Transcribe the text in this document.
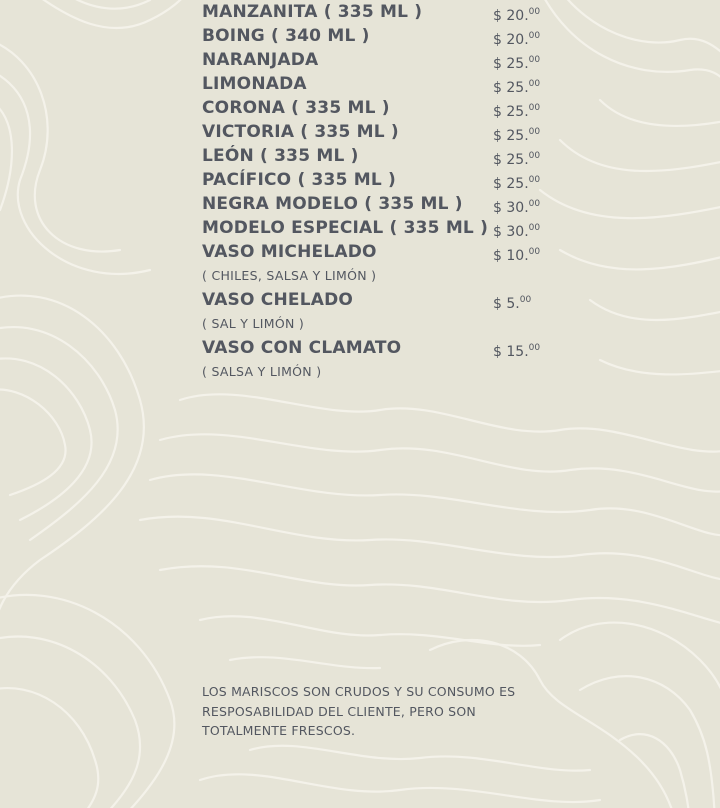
MANZANITA ( 335 ML )	$ 20.00
BOING ( 340 ML )	$ 20.00
NARANJADA	$ 25.00
LIMONADA	$ 25.00
CORONA ( 335 ML )	$ 25.00
VICTORIA ( 335 ML )	$ 25.00
LEÓN ( 335 ML )	$ 25.00
PACÍFICO ( 335 ML )	$ 25.00
NEGRA MODELO ( 335 ML ) $ 30.00
MODELO ESPECIAL ( 335 ML ) $ 30.00
VASO MICHELADO	$ 10.00
( CHILES, SALSA Y LIMÓN )
VASO CHELADO	$ 5.00
( SAL Y LIMÓN )
VASO CON CLAMATO	$ 15.00
( SALSA Y LIMÓN )
LOS MARISCOS SON CRUDOS Y SU CONSUMO ES
RESPOSABILIDAD DEL CLIENTE, PERO SON
TOTALMENTE FRESCOS.
